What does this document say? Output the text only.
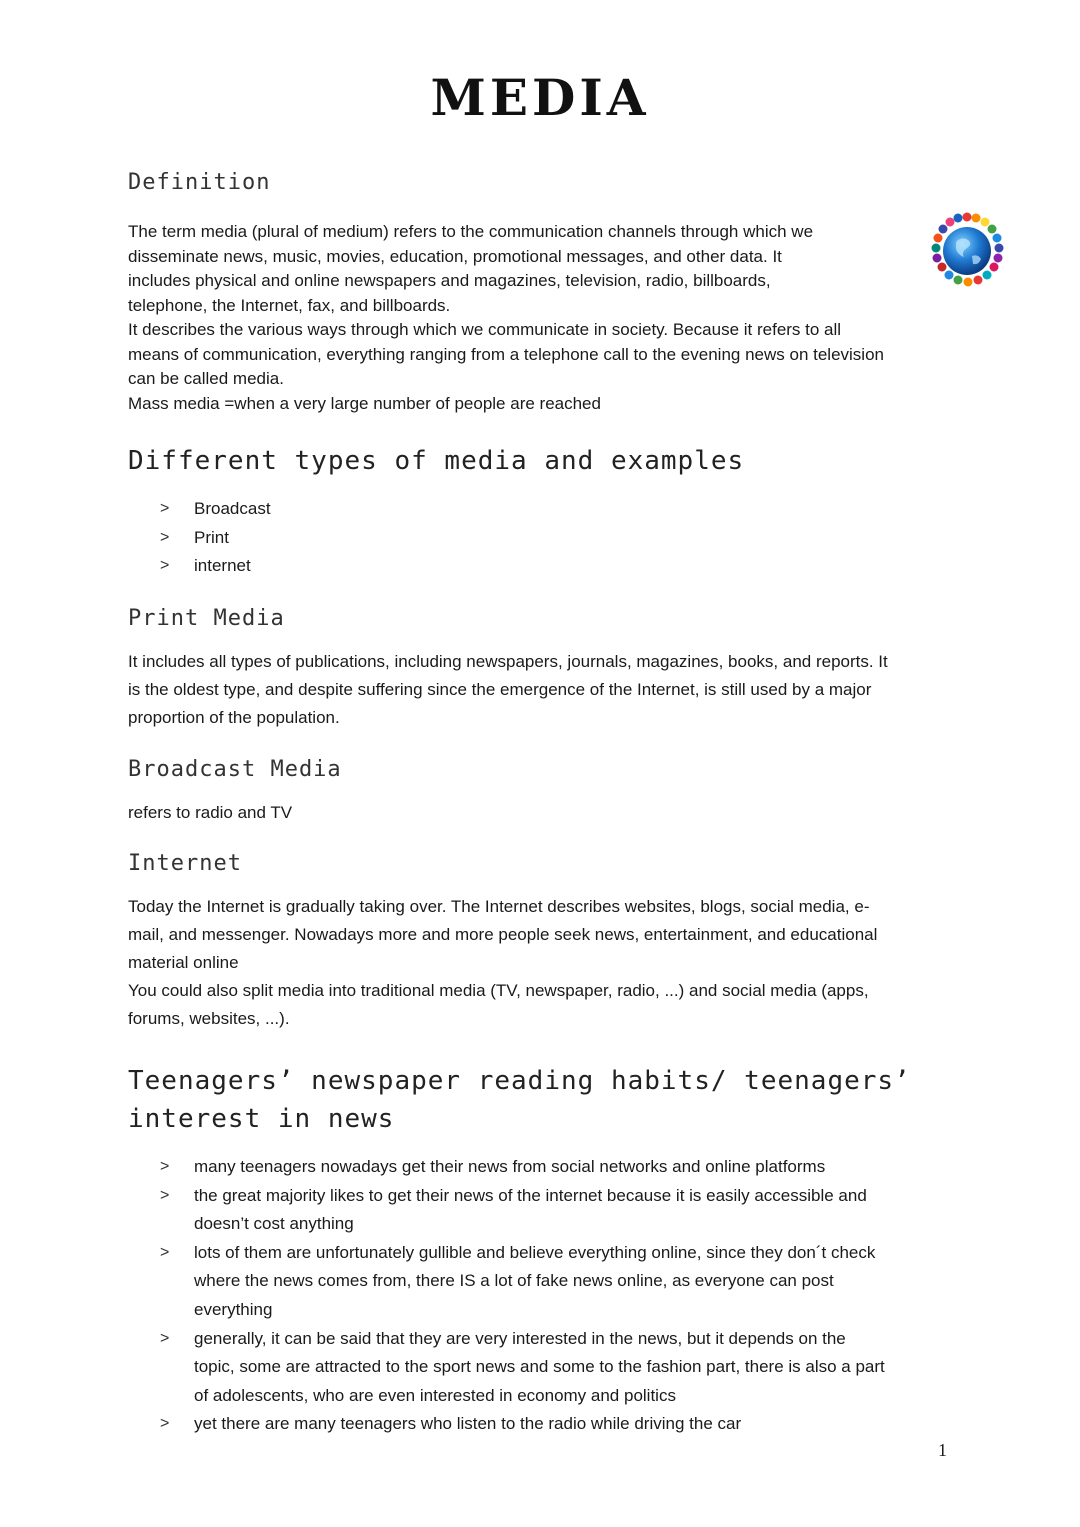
MEDIA
Definition
The term media (plural of medium) refers to the communication channels through which we
disseminate news, music, movies, education, promotional messages, and other data. It
includes physical and online newspapers and magazines, television, radio, billboards,
telephone, the Internet, fax, and billboards.
It describes the various ways through which we communicate in society. Because it refers to all
means of communication, everything ranging from a telephone call to the evening news on television
can be called media.
Mass media =when a very large number of people are reached
Different types of media and examples
>	Broadcast
>	Print
>	internet
Print Media
It includes all types of publications, including newspapers, journals, magazines, books, and reports. It
is the oldest type, and despite suffering since the emergence of the Internet, is still used by a major
proportion of the population.
Broadcast Media
refers to radio and TV
Internet
Today the Internet is gradually taking over. The Internet describes websites, blogs, social media, e-
mail, and messenger. Nowadays more and more people seek news, entertainment, and educational
material online
You could also split media into traditional media (TV, newspaper, radio, ...) and social media (apps,
forums, websites, ...).
Teenagers’ newspaper reading habits/ teenagers’
interest in news
>	many teenagers nowadays get their news from social networks and online platforms
>	the great majority likes to get their news of the internet because it is easily accessible and
doesn’t cost anything
>	lots of them are unfortunately gullible and believe everything online, since they don´t check
where the news comes from, there IS a lot of fake news online, as everyone can post
everything
>	generally, it can be said that they are very interested in the news, but it depends on the
topic, some are attracted to the sport news and some to the fashion part, there is also a part
of adolescents, who are even interested in economy and politics
>	yet there are many teenagers who listen to the radio while driving the car
1
